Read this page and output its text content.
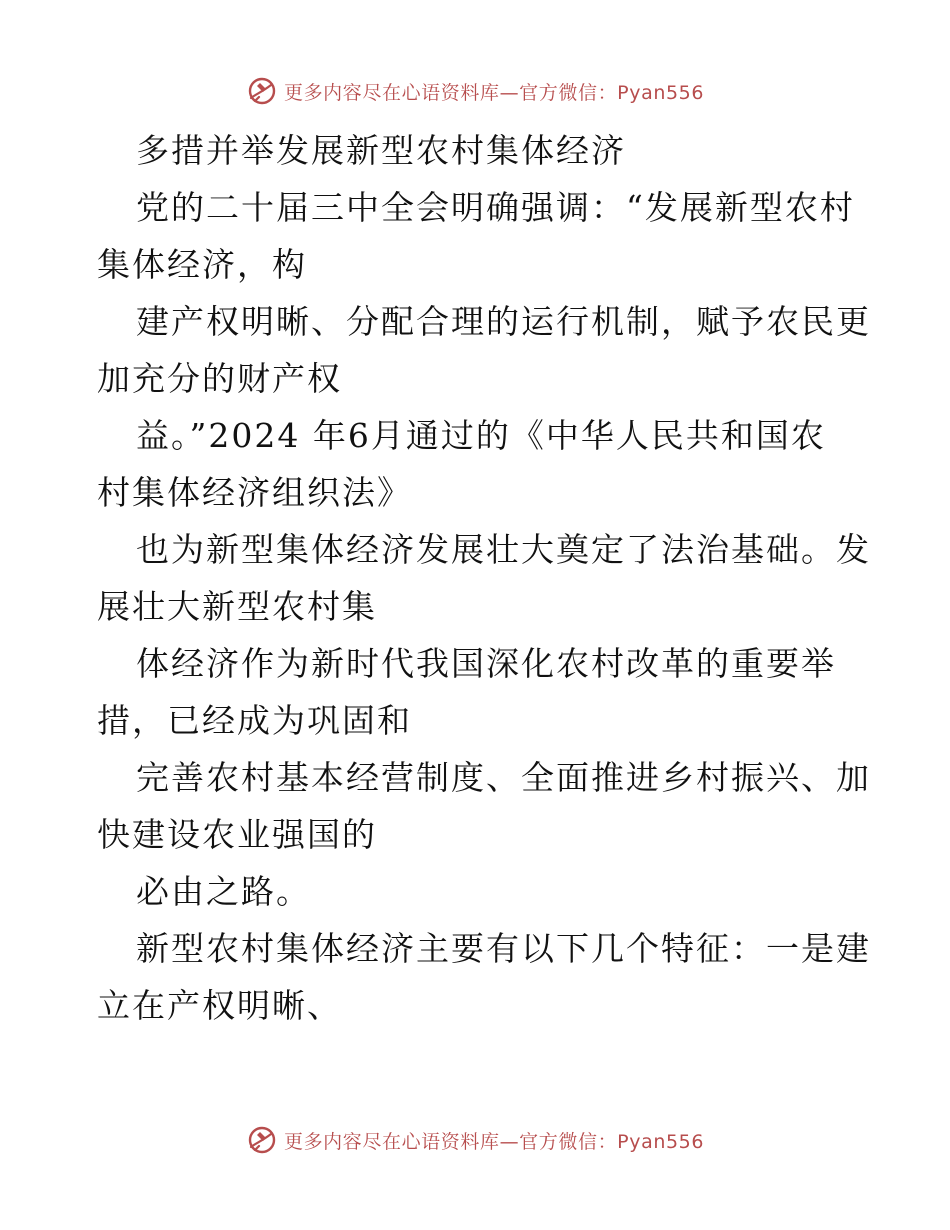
更多内容尽在心语资料库—官方微信：Pyan556
多措并举发展新型农村集体经济
党的二十届三中全会明确强调：“发展新型农村
集体经济，构
建产权明晰、分配合理的运行机制，赋予农民更
加充分的财产权
益。”2024 年6月通过的《中华人民共和国农
村集体经济组织法》
也为新型集体经济发展壮大奠定了法治基础。发
展壮大新型农村集
体经济作为新时代我国深化农村改革的重要举
措，已经成为巩固和
完善农村基本经营制度、全面推进乡村振兴、加
快建设农业强国的
必由之路。
新型农村集体经济主要有以下几个特征：一是建
立在产权明晰、
更多内容尽在心语资料库—官方微信：Pyan556
